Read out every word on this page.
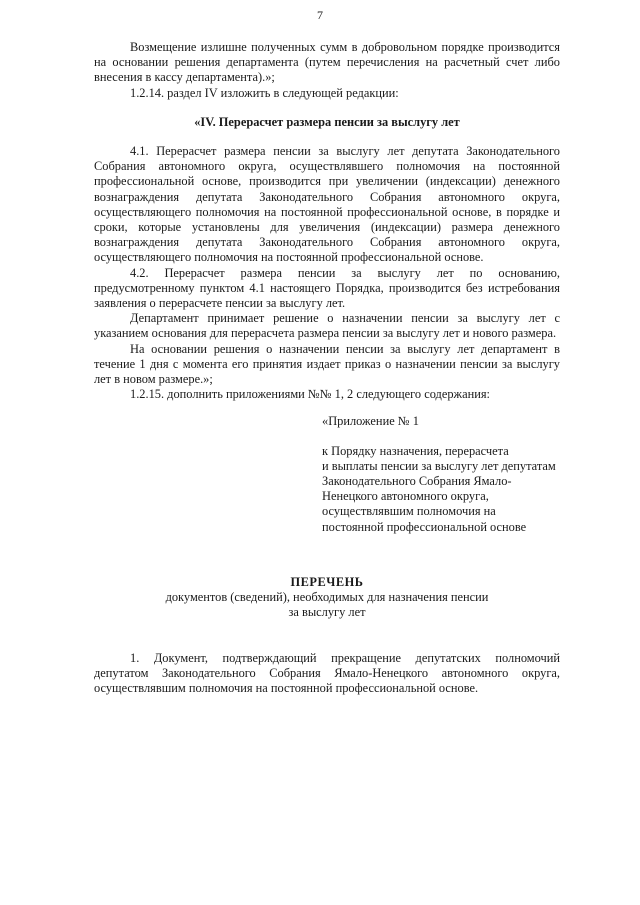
7

Возмещение излишне полученных сумм в добровольном порядке производится на основании решения департамента (путем перечисления на расчетный счет либо внесения в кассу департамента).»;

1.2.14. раздел IV изложить в следующей редакции:

«IV. Перерасчет размера пенсии за выслугу лет

4.1. Перерасчет размера пенсии за выслугу лет депутата Законодательного Собрания автономного округа, осуществлявшего полномочия на постоянной профессиональной основе, производится при увеличении (индексации) денежного вознаграждения депутата Законодательного Собрания автономного округа, осуществляющего полномочия на постоянной профессиональной основе, в порядке и сроки, которые установлены для увеличения (индексации) размера денежного вознаграждения депутата Законодательного Собрания автономного округа, осуществляющего полномочия на постоянной профессиональной основе.

4.2. Перерасчет размера пенсии за выслугу лет по основанию, предусмотренному пунктом 4.1 настоящего Порядка, производится без истребования заявления о перерасчете пенсии за выслугу лет.

Департамент принимает решение о назначении пенсии за выслугу лет с указанием основания для перерасчета размера пенсии за выслугу лет и нового размера.

На основании решения о назначении пенсии за выслугу лет департамент в течение 1 дня с момента его принятия издает приказ о назначении пенсии за выслугу лет в новом размере.»;

1.2.15. дополнить приложениями №№ 1, 2 следующего содержания:

«Приложение № 1
к Порядку назначения, перерасчета
и выплаты пенсии за выслугу лет депутатам
Законодательного Собрания Ямало-
Ненецкого автономного округа,
осуществлявшим полномочия на
постоянной профессиональной основе
ПЕРЕЧЕНЬ
документов (сведений), необходимых для назначения пенсии
за выслугу лет

1. Документ, подтверждающий прекращение депутатских полномочий депутатом Законодательного Собрания Ямало-Ненецкого автономного округа, осуществлявшим полномочия на постоянной профессиональной основе.
